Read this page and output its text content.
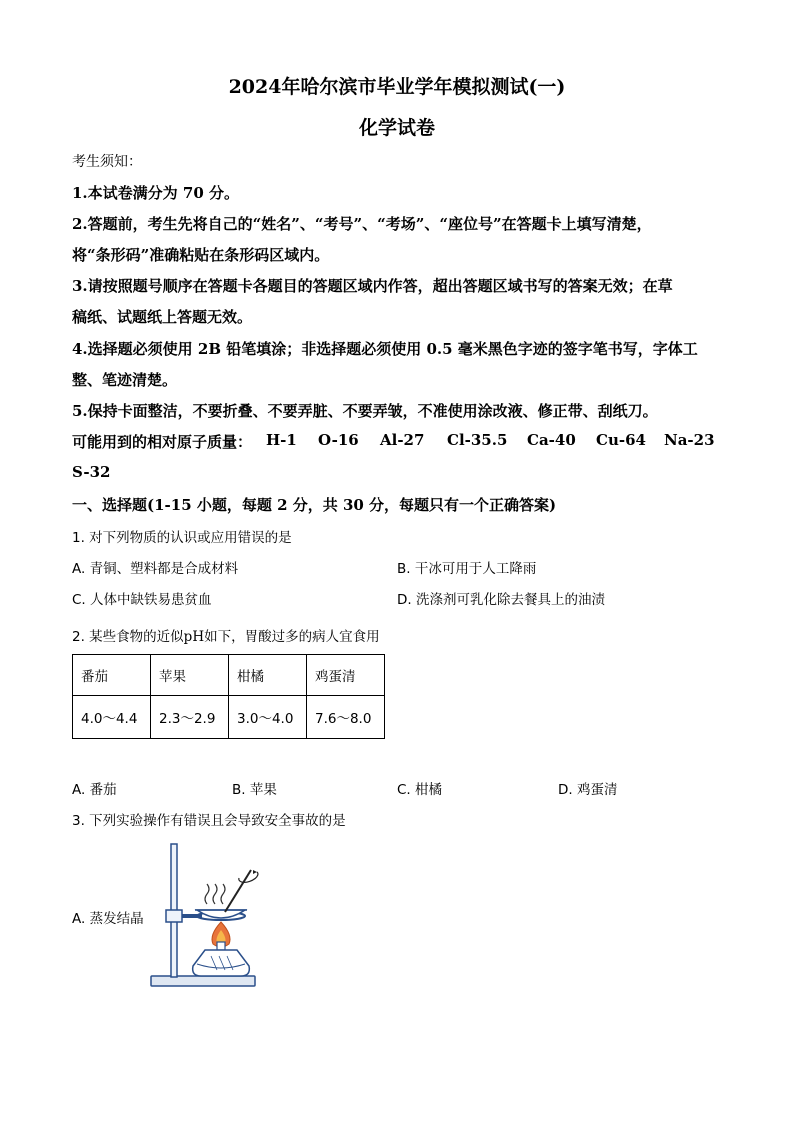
2024年哈尔滨市毕业学年模拟测试(一)
化学试卷
考生须知：
1.本试卷满分为 70 分。
2.答题前，考生先将自己的“姓名”、“考号”、“考场”、“座位号”在答题卡上填写清楚，
将“条形码”准确粘贴在条形码区域内。
3.请按照题号顺序在答题卡各题目的答题区域内作答，超出答题区域书写的答案无效；在草
稿纸、试题纸上答题无效。
4.选择题必须使用 2B 铅笔填涂；非选择题必须使用 0.5 毫米黑色字迹的签字笔书写，字体工
整、笔迹清楚。
5.保持卡面整洁，不要折叠、不要弄脏、不要弄皱，不准使用涂改液、修正带、刮纸刀。
可能用到的相对原子质量： H-1 O-16 Al-27 Cl-35.5 Ca-40 Cu-64 Na-23
S-32
一、选择题(1-15 小题，每题 2 分，共 30 分，每题只有一个正确答案)
1. 对下列物质的认识或应用错误的是
A. 青铜、塑料都是合成材料	B. 干冰可用于人工降雨
C. 人体中缺铁易患贫血	D. 洗涤剂可乳化除去餐具上的油渍
2. 某些食物的近似pH如下，胃酸过多的病人宜食用
番茄	苹果	柑橘	鸡蛋清
4.0～4.4	2.3～2.9	3.0～4.0	7.6～8.0
A. 番茄	B. 苹果	C. 柑橘	D. 鸡蛋清
3. 下列实验操作有错误且会导致安全事故的是
A. 蒸发结晶
